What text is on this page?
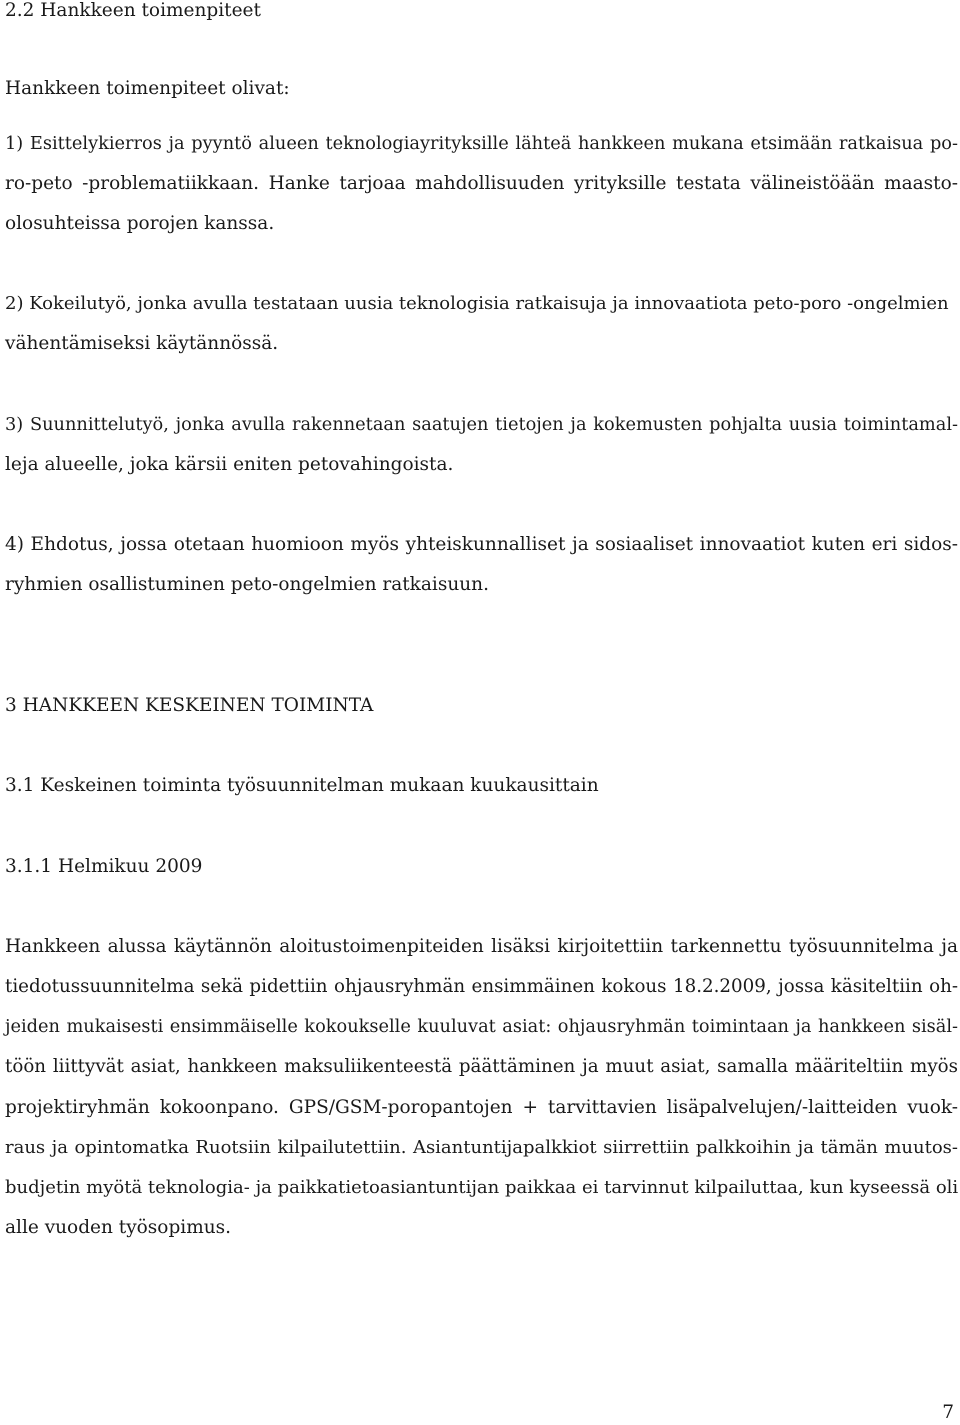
2.2 Hankkeen toimenpiteet
Hankkeen toimenpiteet olivat:
1) Esittelykierros ja pyyntö alueen teknologiayrityksille lähteä hankkeen mukana etsimään ratkaisua po-
ro-peto -problematiikkaan. Hanke tarjoaa mahdollisuuden yrityksille testata välineistöään maasto-
olosuhteissa porojen kanssa.
2) Kokeilutyö, jonka avulla testataan uusia teknologisia ratkaisuja ja innovaatiota peto-poro -ongelmien
vähentämiseksi käytännössä.
3) Suunnittelutyö, jonka avulla rakennetaan saatujen tietojen ja kokemusten pohjalta uusia toimintamal-
leja alueelle, joka kärsii eniten petovahingoista.
4) Ehdotus, jossa otetaan huomioon myös yhteiskunnalliset ja sosiaaliset innovaatiot kuten eri sidos-
ryhmien osallistuminen peto-ongelmien ratkaisuun.
3 HANKKEEN KESKEINEN TOIMINTA
3.1 Keskeinen toiminta työsuunnitelman mukaan kuukausittain
3.1.1 Helmikuu 2009
Hankkeen alussa käytännön aloitustoimenpiteiden lisäksi kirjoitettiin tarkennettu työsuunnitelma ja
tiedotussuunnitelma sekä pidettiin ohjausryhmän ensimmäinen kokous 18.2.2009, jossa käsiteltiin oh-
jeiden mukaisesti ensimmäiselle kokoukselle kuuluvat asiat: ohjausryhmän toimintaan ja hankkeen sisäl-
töön liittyvät asiat, hankkeen maksuliikenteestä päättäminen ja muut asiat, samalla määriteltiin myös
projektiryhmän kokoonpano. GPS/GSM-poropantojen + tarvittavien lisäpalvelujen/-laitteiden vuok-
raus ja opintomatka Ruotsiin kilpailutettiin. Asiantuntijapalkkiot siirrettiin palkkoihin ja tämän muutos-
budjetin myötä teknologia- ja paikkatietoasiantuntijan paikkaa ei tarvinnut kilpailuttaa, kun kyseessä oli
alle vuoden työsopimus.
7
